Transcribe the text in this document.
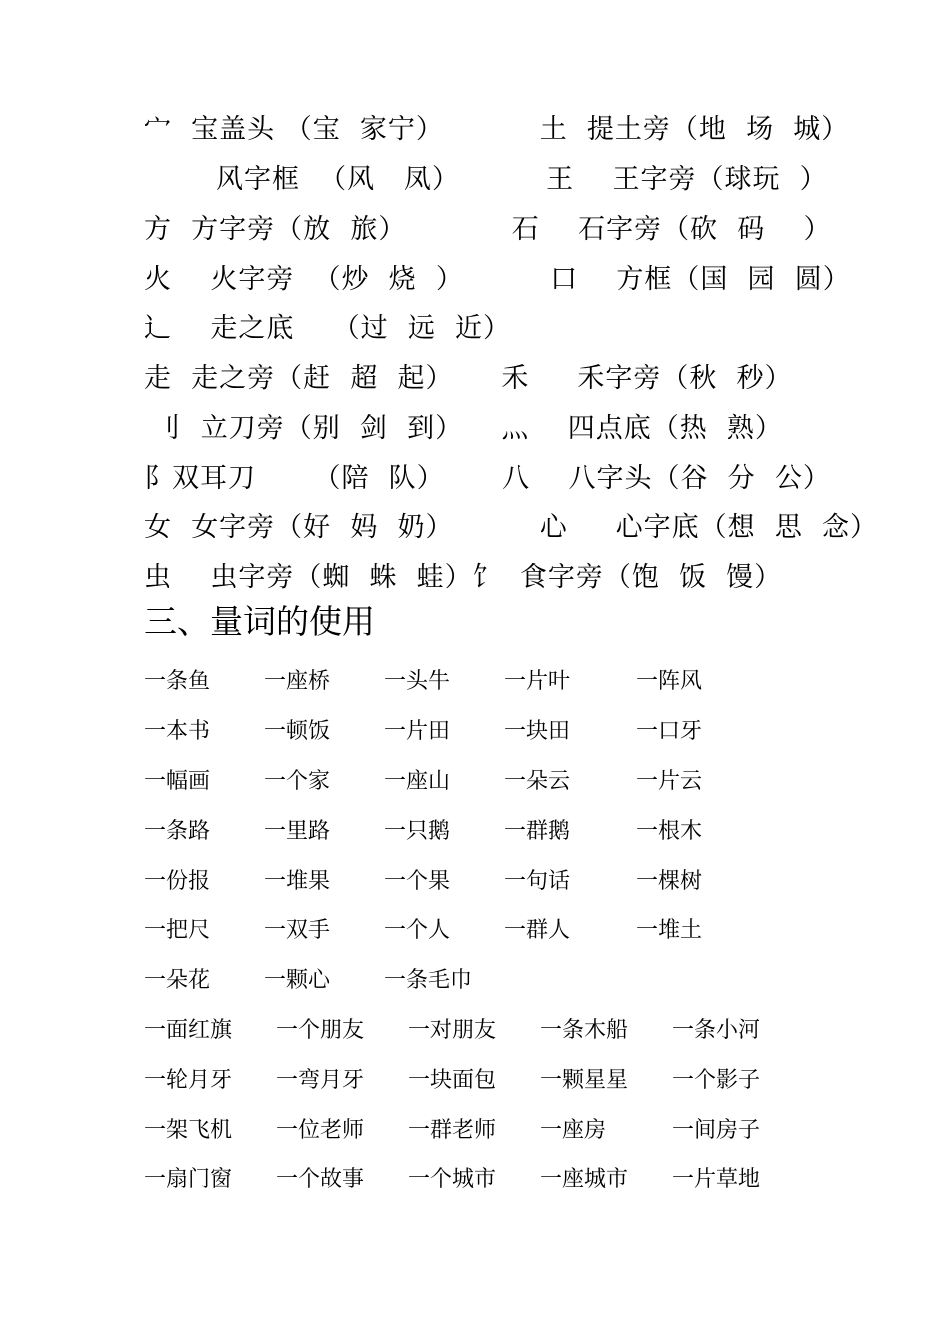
宀  宝盖头 （宝  家宁）          土  提土旁（地  场  城）
风字框  （风   凤）         王    王字旁（球玩  ）
方  方字旁（放  旅）           石    石字旁（砍  码    ）
火    火字旁  （炒  烧  ）         口    方框（国  园  圆）
辶    走之底    （过  远  近）
走  走之旁（赶  超  起）     禾     禾字旁（秋  秒）
刂  立刀旁（别  剑  到）    灬    四点底（热  熟）
阝双耳刀      （陪  队）      八    八字头（谷  分  公）
女  女字旁（好  妈  奶）         心     心字底（想  思  念）
虫    虫字旁（蜘  蛛  蛙）饣  食字旁（饱  饭  馒）
三、量词的使用
一条鱼 一座桥 一头牛 一片叶	一阵风
一本书 一顿饭 一片田 一块田	一口牙
一幅画 一个家 一座山 一朵云	一片云
一条路 一里路 一只鹅 一群鹅	一根木
一份报 一堆果 一个果 一句话	一棵树
一把尺 一双手 一个人 一群人	一堆土
一朵花 一颗心 一条毛巾
一面红旗 一个朋友 一对朋友 一条木船 一条小河
一轮月牙 一弯月牙 一块面包 一颗星星 一个影子
一架飞机 一位老师 一群老师 一座房	一间房子
一扇门窗 一个故事 一个城市 一座城市 一片草地
